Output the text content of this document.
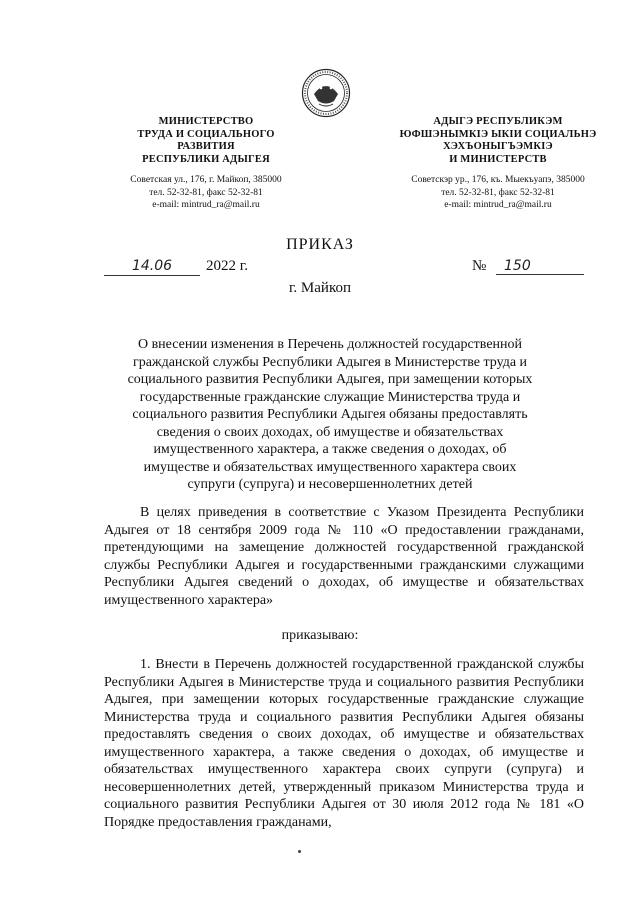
МИНИСТЕРСТВО
ТРУДА И СОЦИАЛЬНОГО
РАЗВИТИЯ
РЕСПУБЛИКИ АДЫГЕЯ
Советская ул., 176, г. Майкоп, 385000
тел. 52-32-81, факс 52-32-81
e-mail: mintrud_ra@mail.ru
АДЫГЭ РЕСПУБЛИКЭМ
ЮФШЭНЫМКIЭ ЫКIИ СОЦИАЛЬНЭ
ХЭХЪОНЫГЪЭМКIЭ
И МИНИСТЕРСТВ
Советскэр ур., 176, къ. Мыекъуапэ, 385000
тел. 52-32-81, факс 52-32-81
e-mail: mintrud_ra@mail.ru
ПРИКАЗ
14.06	2022 г.	№	150
г. Майкоп
О внесении изменения в Перечень должностей государственной гражданской службы Республики Адыгея в Министерстве труда и социального развития Республики Адыгея, при замещении которых государственные гражданские служащие Министерства труда и социального развития Республики Адыгея обязаны предоставлять сведения о своих доходах, об имуществе и обязательствах имущественного характера, а также сведения о доходах, об имуществе и обязательствах имущественного характера своих супруги (супруга) и несовершеннолетних детей
В целях приведения в соответствие с Указом Президента Республики Адыгея от 18 сентября 2009 года № 110 «О предоставлении гражданами, претендующими на замещение должностей государственной гражданской службы Республики Адыгея и государственными гражданскими служащими Республики Адыгея сведений о доходах, об имуществе и обязательствах имущественного характера»
приказываю:
1. Внести в Перечень должностей государственной гражданской службы Республики Адыгея в Министерстве труда и социального развития Республики Адыгея, при замещении которых государственные гражданские служащие Министерства труда и социального развития Республики Адыгея обязаны предоставлять сведения о своих доходах, об имуществе и обязательствах имущественного характера, а также сведения о доходах, об имуществе и обязательствах имущественного характера своих супруги (супруга) и несовершеннолетних детей, утвержденный приказом Министерства труда и социального развития Республики Адыгея от 30 июля 2012 года № 181 «О Порядке предоставления гражданами,
